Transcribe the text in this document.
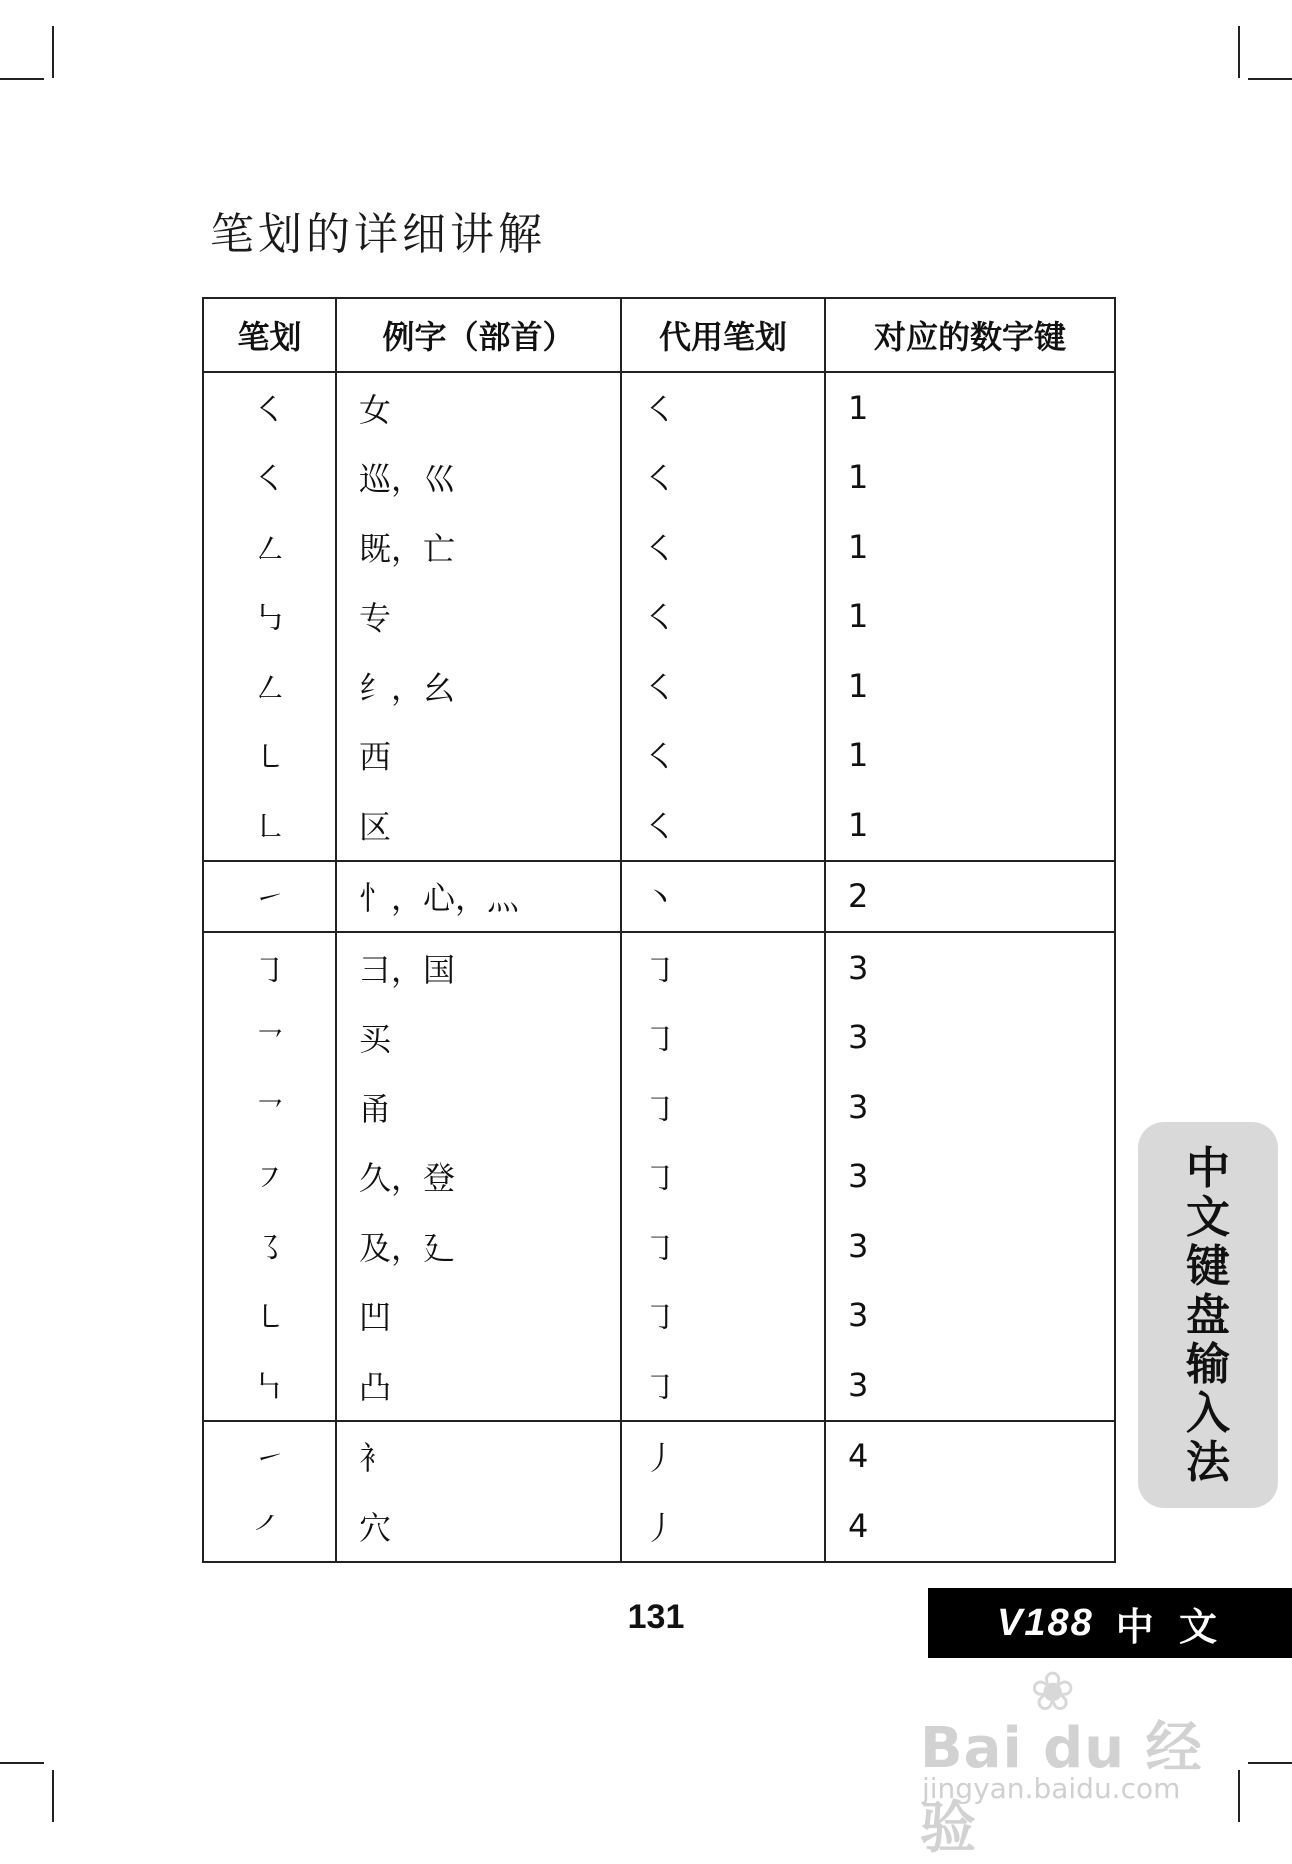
笔划的详细讲解
笔划	例字（部首）	代用笔划	对应的数字键
㇛	女	㇛	1
㇛	巡，巛	㇛	1
㇜	既，亡	㇛	1
㇉	专	㇛	1
㇜	纟，幺	㇛	1
㇄	西	㇛	1
㇗	区	㇛	1
㇀	忄，心，灬	丶	2
㇆	彐，国	㇆	3
㇖	买	㇆	3
㇖	甬	㇆	3
㇇	久，登	㇆	3
㇌	及，廴	㇆	3
㇄	凹	㇆	3
㇞	凸	㇆	3
㇀	衤	丿	4
㇒	穴	丿	4
中
文
键
盘
输
入
法
131	V188 中 文
❀
Bai du 经验
jingyan.baidu.com
